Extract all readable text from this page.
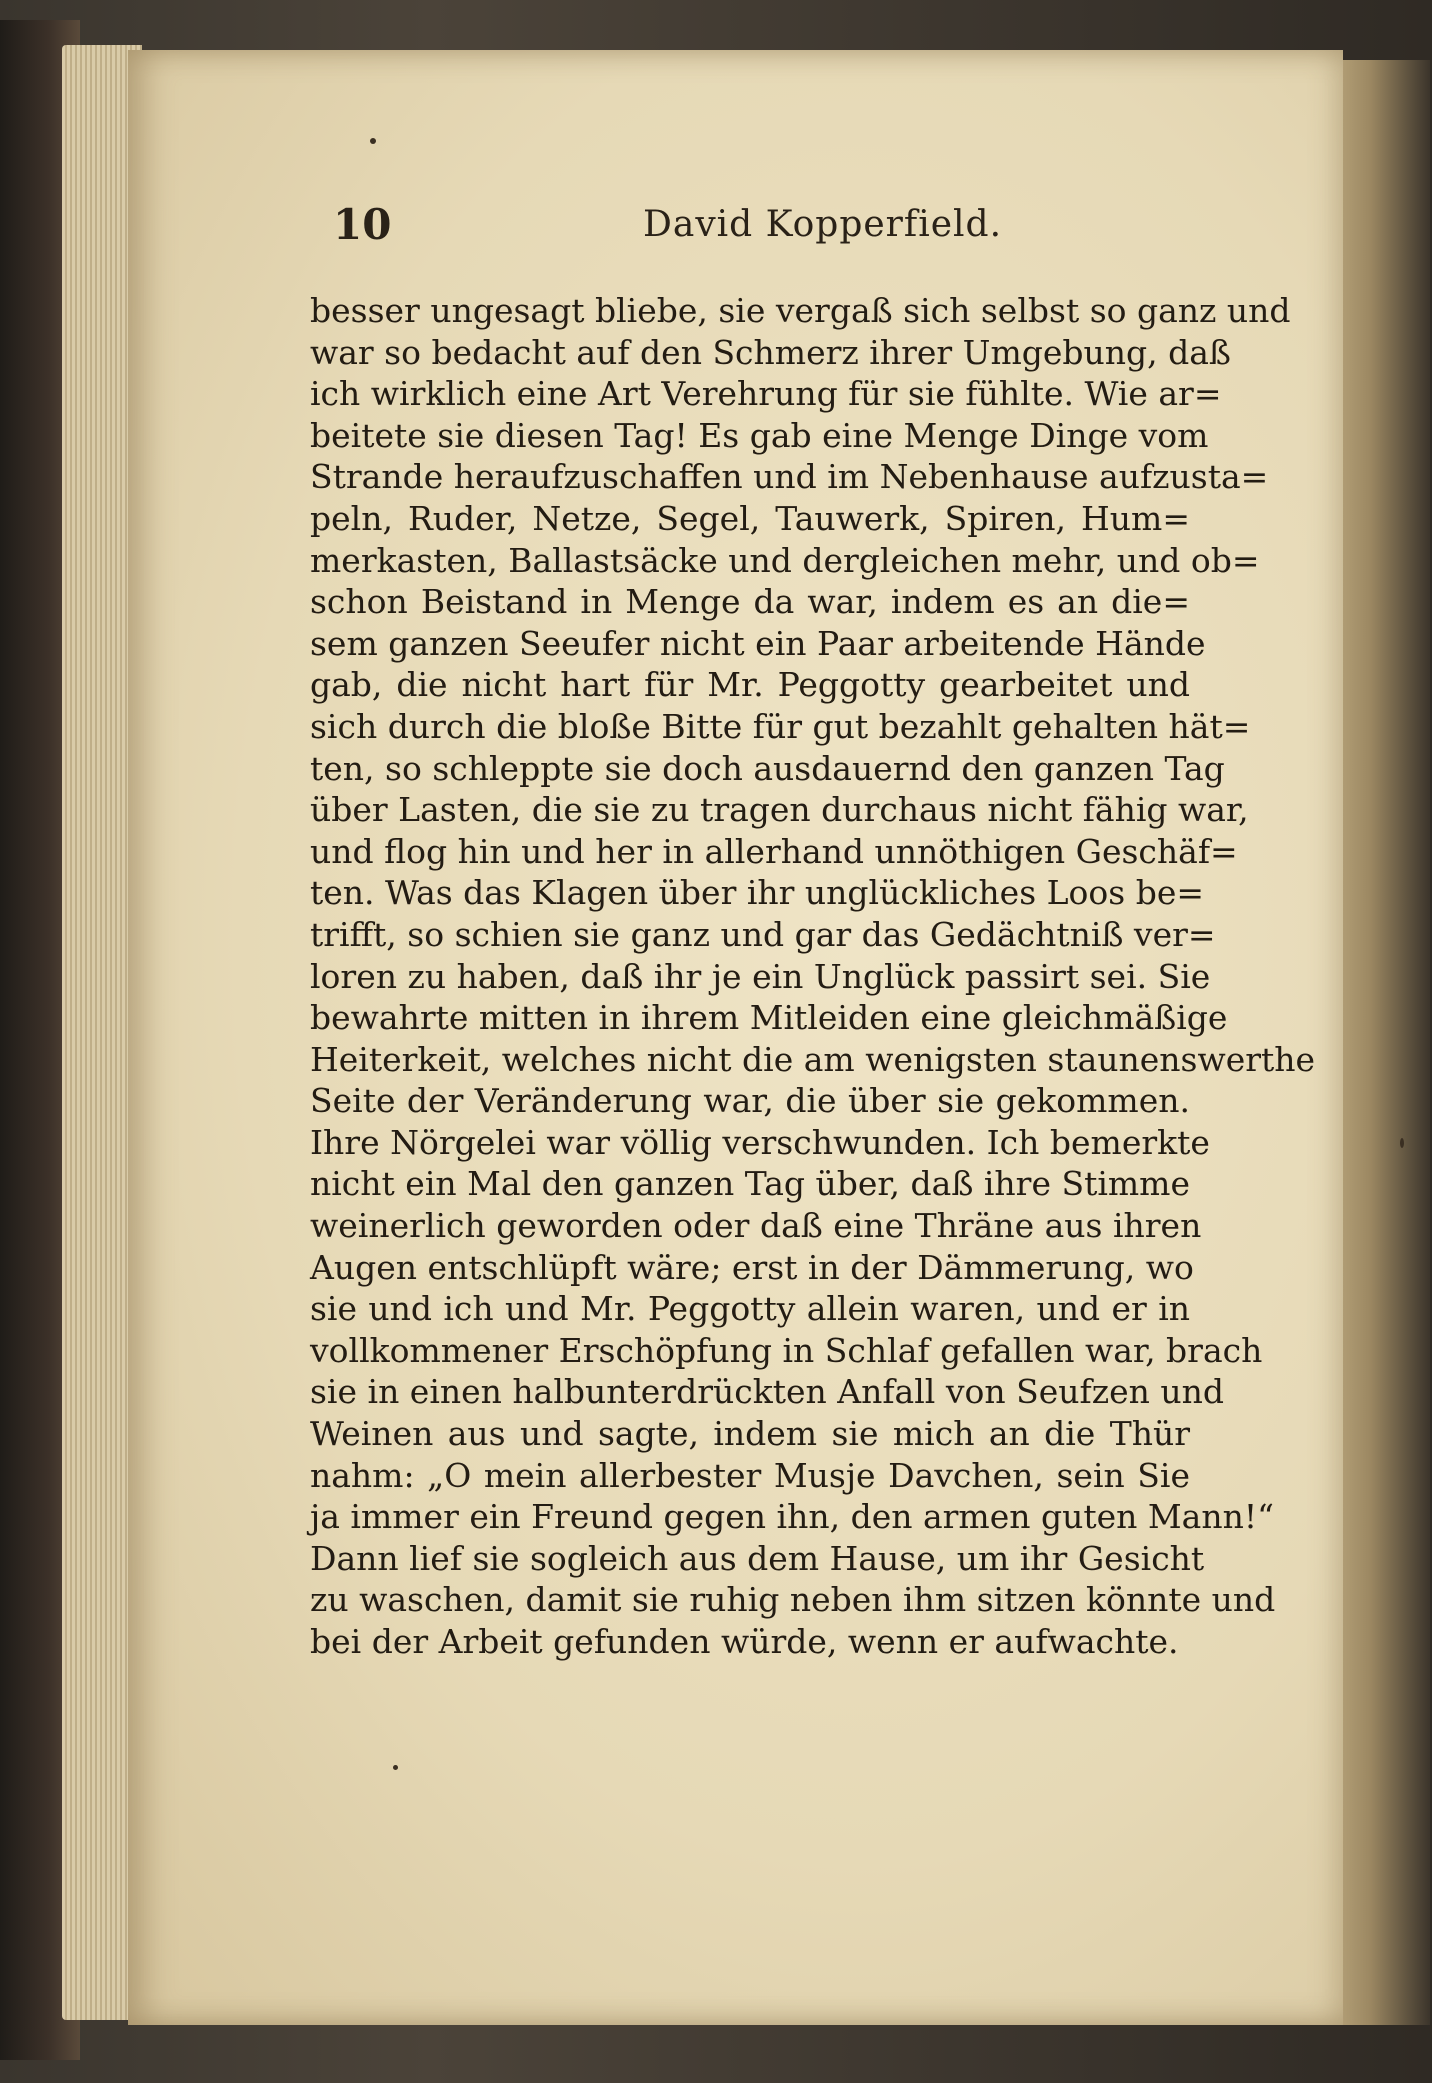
10	David Kopperfield.
besser ungesagt bliebe, sie vergaß sich selbst so ganz und
war so bedacht auf den Schmerz ihrer Umgebung, daß
ich wirklich eine Art Verehrung für sie fühlte. Wie ar=
beitete sie diesen Tag! Es gab eine Menge Dinge vom
Strande heraufzuschaffen und im Nebenhause aufzusta=
peln, Ruder, Netze, Segel, Tauwerk, Spiren, Hum=
merkasten, Ballastsäcke und dergleichen mehr, und ob=
schon Beistand in Menge da war, indem es an die=
sem ganzen Seeufer nicht ein Paar arbeitende Hände
gab, die nicht hart für Mr. Peggotty gearbeitet und
sich durch die bloße Bitte für gut bezahlt gehalten hät=
ten, so schleppte sie doch ausdauernd den ganzen Tag
über Lasten, die sie zu tragen durchaus nicht fähig war,
und flog hin und her in allerhand unnöthigen Geschäf=
ten. Was das Klagen über ihr unglückliches Loos be=
trifft, so schien sie ganz und gar das Gedächtniß ver=
loren zu haben, daß ihr je ein Unglück passirt sei. Sie
bewahrte mitten in ihrem Mitleiden eine gleichmäßige
Heiterkeit, welches nicht die am wenigsten staunenswerthe
Seite der Veränderung war, die über sie gekommen.
Ihre Nörgelei war völlig verschwunden. Ich bemerkte
nicht ein Mal den ganzen Tag über, daß ihre Stimme
weinerlich geworden oder daß eine Thräne aus ihren
Augen entschlüpft wäre; erst in der Dämmerung, wo
sie und ich und Mr. Peggotty allein waren, und er in
vollkommener Erschöpfung in Schlaf gefallen war, brach
sie in einen halbunterdrückten Anfall von Seufzen und
Weinen aus und sagte, indem sie mich an die Thür
nahm: „O mein allerbester Musje Davchen, sein Sie
ja immer ein Freund gegen ihn, den armen guten Mann!“
Dann lief sie sogleich aus dem Hause, um ihr Gesicht
zu waschen, damit sie ruhig neben ihm sitzen könnte und
bei der Arbeit gefunden würde, wenn er aufwachte.
